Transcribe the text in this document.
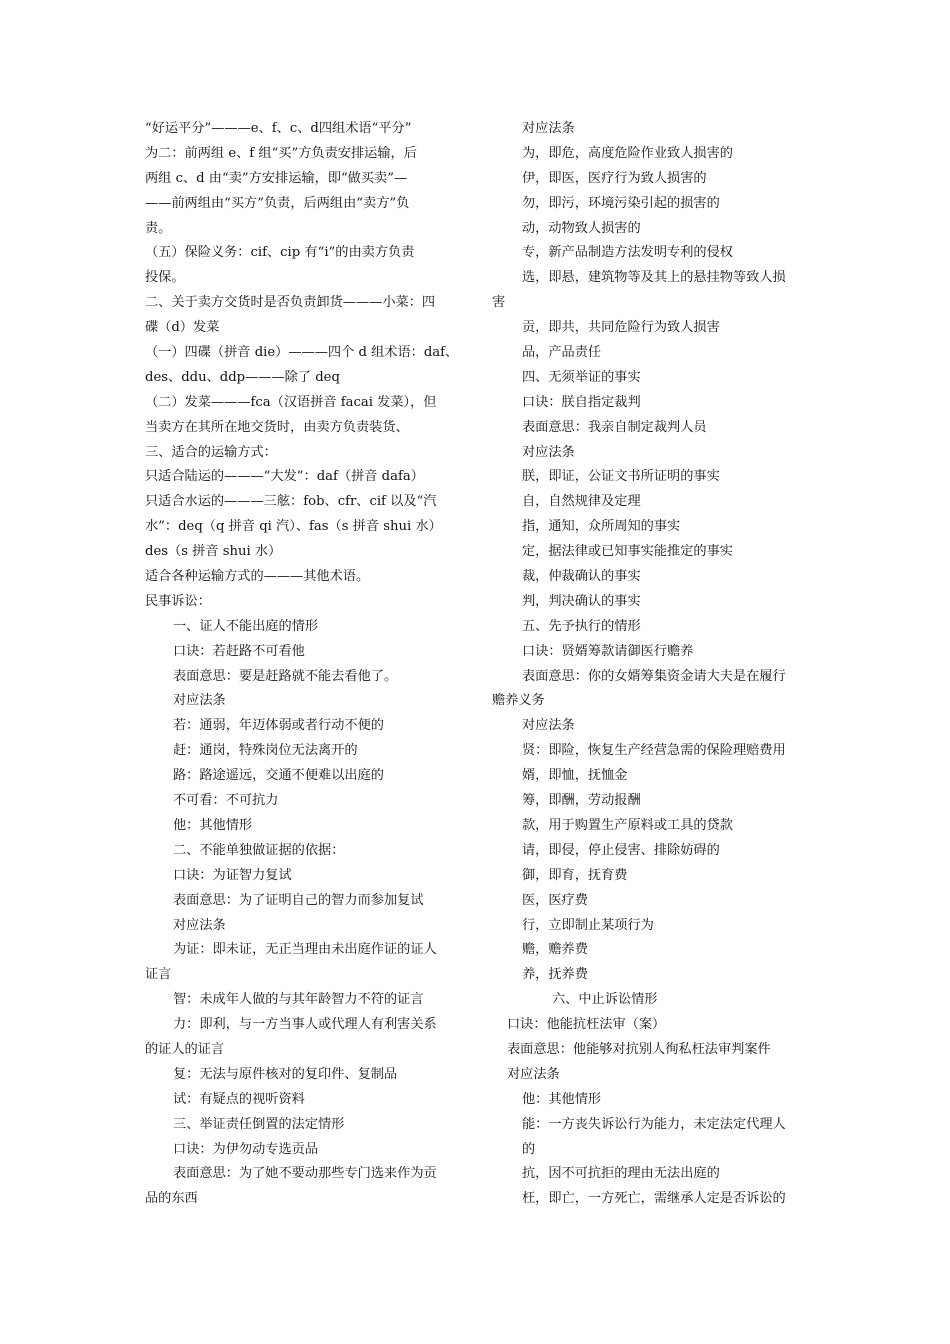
“好运平分”———e、f、c、d四组术语“平分”
为二：前两组 e、f 组“买”方负责安排运输，后
两组 c、d 由“卖”方安排运输，即“做买卖”—
——前两组由“买方”负责，后两组由“卖方”负
责。
（五）保险义务：cif、cip 有“i”的由卖方负责
投保。
二、关于卖方交货时是否负责卸货———小菜：四
碟（d）发菜
（一）四碟（拼音 die）———四个 d 组术语：daf、
des、ddu、ddp———除了 deq
（二）发菜———fca（汉语拼音 facai 发菜），但
当卖方在其所在地交货时，由卖方负责装货、
三、适合的运输方式：
只适合陆运的———“大发”：daf（拼音 dafa）
只适合水运的———三舷：fob、cfr、cif 以及“汽
水”：deq（q 拼音 qi 汽）、fas（s 拼音 shui 水）
des（s 拼音 shui 水）
适合各种运输方式的———其他术语。
民事诉讼：
一、证人不能出庭的情形
口诀：若赶路不可看他
表面意思：要是赶路就不能去看他了。
对应法条
若：通弱，年迈体弱或者行动不便的
赶：通岗，特殊岗位无法离开的
路：路途遥远，交通不便难以出庭的
不可看：不可抗力
他：其他情形
二、不能单独做证据的依据：
口诀：为证智力复试
表面意思：为了证明自己的智力而参加复试
对应法条
为证：即未证，无正当理由未出庭作证的证人
证言
智：未成年人做的与其年龄智力不符的证言
力：即利，与一方当事人或代理人有利害关系
的证人的证言
复：无法与原件核对的复印件、复制品
试：有疑点的视听资料
三、举证责任倒置的法定情形
口诀：为伊勿动专选贡品
表面意思：为了她不要动那些专门选来作为贡
品的东西
对应法条
为，即危，高度危险作业致人损害的
伊，即医，医疗行为致人损害的
勿，即污，环境污染引起的损害的
动，动物致人损害的
专，新产品制造方法发明专利的侵权
选，即悬，建筑物等及其上的悬挂物等致人损
害
贡，即共，共同危险行为致人损害
品，产品责任
四、无须举证的事实
口诀：朕自指定裁判
表面意思：我亲自制定裁判人员
对应法条
朕，即证，公证文书所证明的事实
自，自然规律及定理
指，通知，众所周知的事实
定，据法律或已知事实能推定的事实
裁，仲裁确认的事实
判，判决确认的事实
五、先予执行的情形
口诀：贤婿筹款请御医行赡养
表面意思：你的女婿筹集资金请大夫是在履行
赡养义务
对应法条
贤：即险，恢复生产经营急需的保险理赔费用
婿，即恤，抚恤金
筹，即酬，劳动报酬
款，用于购置生产原料或工具的贷款
请，即侵，停止侵害、排除妨碍的
御，即育，抚育费
医，医疗费
行，立即制止某项行为
赡，赡养费
养，抚养费
六、中止诉讼情形
口诀：他能抗枉法审（案）
表面意思：他能够对抗别人徇私枉法审判案件
对应法条
他：其他情形
能：一方丧失诉讼行为能力，未定法定代理人
的
抗，因不可抗拒的理由无法出庭的
枉，即亡，一方死亡，需继承人定是否诉讼的
